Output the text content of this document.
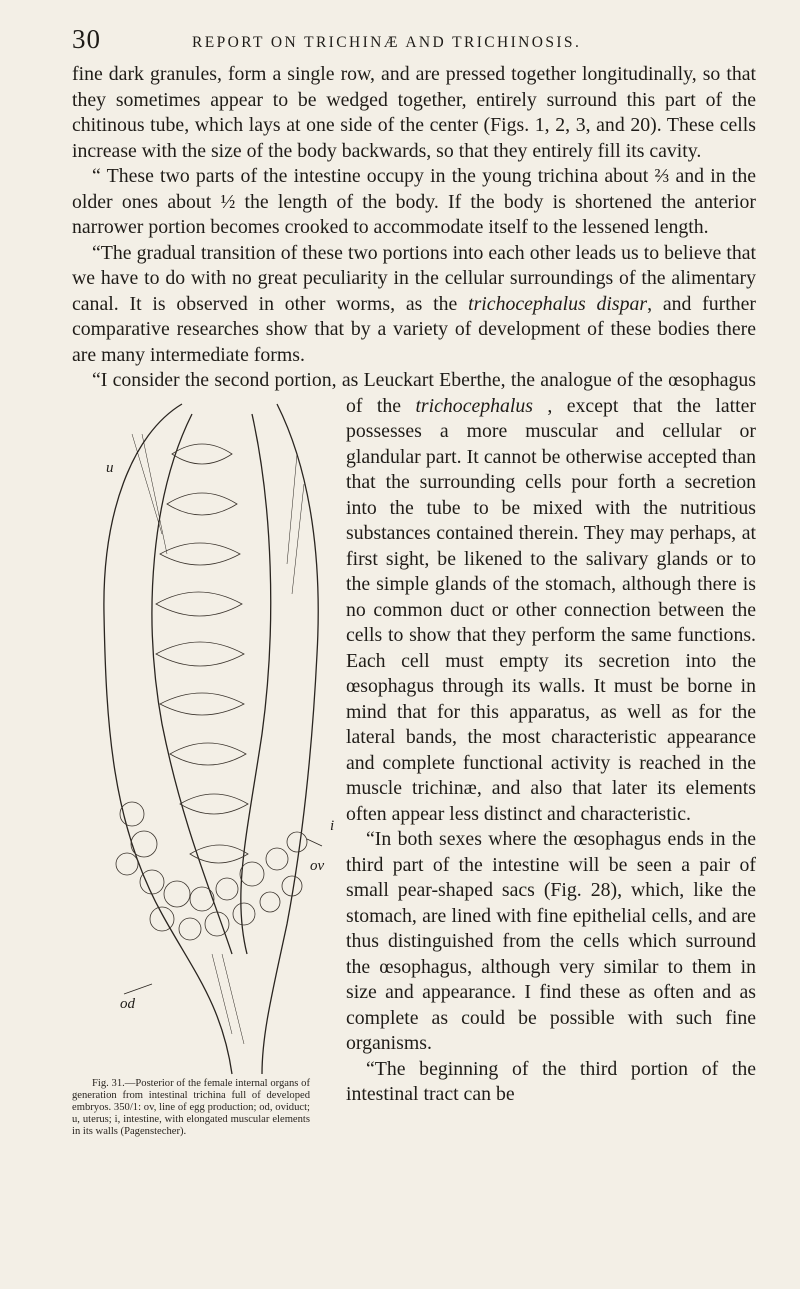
30	REPORT ON TRICHINÆ AND TRICHINOSIS.

fine dark granules, form a single row, and are pressed together longitudinally, so that they sometimes appear to be wedged together, entirely surround this part of the chitinous tube, which lays at one side of the center (Figs. 1, 2, 3, and 20). These cells increase with the size of the body backwards, so that they entirely fill its cavity.

“ These two parts of the intestine occupy in the young trichina about ⅔ and in the older ones about ½ the length of the body. If the body is shortened the anterior narrower portion becomes crooked to accommodate itself to the lessened length.

“The gradual transition of these two portions into each other leads us to believe that we have to do with no great peculiarity in the cellular surroundings of the alimentary canal. It is observed in other worms, as the trichocephalus dispar, and further comparative researches show that by a variety of development of these bodies there are many intermediate forms.

“I consider the second portion, as Leuckart Eberthe, the analogue of the œsophagus of the trichocephalus
u
i
ov
od
Fig. 31.—Posterior of the female internal organs of generation from intestinal trichina full of developed embryos. 350/1: ov, line of egg production; od, oviduct; u, uterus; i, intestine, with elongated muscular elements in its walls (Pagenstecher).
, except that the latter possesses a more muscular and cellular or glandular part. It cannot be otherwise accepted than that the surrounding cells pour forth a secretion into the tube to be mixed with the nutritious substances contained therein. They may perhaps, at first sight, be likened to the salivary glands or to the simple glands of the stomach, although there is no common duct or other connection between the cells to show that they perform the same functions. Each cell must empty its secretion into the œsophagus through its walls. It must be borne in mind that for this apparatus, as well as for the lateral bands, the most characteristic appearance and complete functional activity is reached in the muscle trichinæ, and also that later its elements often appear less distinct and characteristic.

“In both sexes where the œsophagus ends in the third part of the intestine will be seen a pair of small pear-shaped sacs (Fig. 28), which, like the stomach, are lined with fine epithelial cells, and are thus distinguished from the cells which surround the œsophagus, although very similar to them in size and appearance. I find these as often and as complete as could be possible with such fine organisms.

“The beginning of the third portion of the intestinal tract can be
